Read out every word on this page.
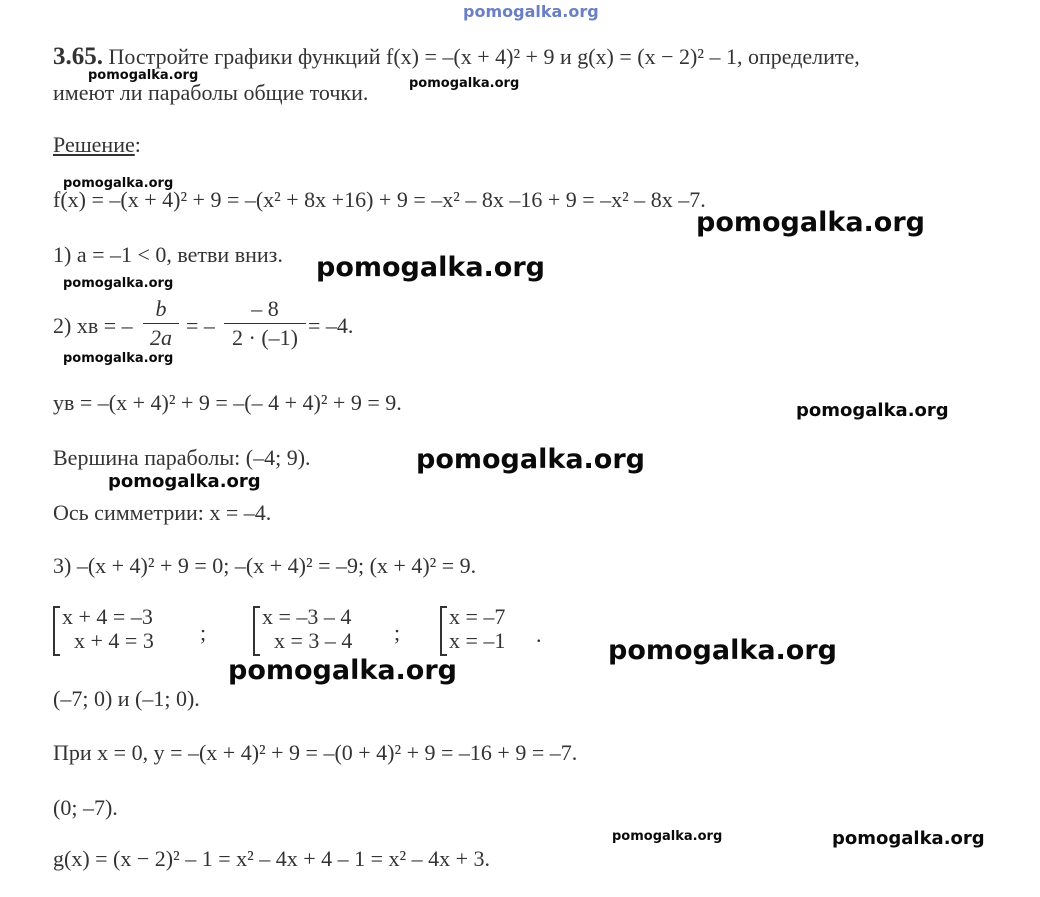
pomogalka.org
3.65. Постройте графики функций f(x) = –(x + 4)² + 9 и g(x) = (x − 2)² – 1, определите,
имеют ли параболы общие точки.
pomogalka.org
pomogalka.org
Решение:
pomogalka.org
f(x) = –(x + 4)² + 9 = –(x² + 8x +16) + 9 = –x² – 8x –16 + 9 = –x² – 8x –7.
pomogalka.org
1) a = –1 < 0, ветви вниз. pomogalka.org
pomogalka.org
2) xв = –
b
2a = –
– 8
2 · (–1) = –4.
pomogalka.org
yв = –(x + 4)² + 9 = –(– 4 + 4)² + 9 = 9.	pomogalka.org
Вершина параболы: (–4; 9).	pomogalka.org
pomogalka.org
Ось симметрии: x = –4.
3) –(x + 4)² + 9 = 0; –(x + 4)² = –9; (x + 4)² = 9.
x + 4 = –3
x + 4 = 3 ;
x = –3 – 4
x = 3 – 4 ;
x = –7
x = –1 .
pomogalka.org
pomogalka.org
(–7; 0) и (–1; 0).
При x = 0, y = –(x + 4)² + 9 = –(0 + 4)² + 9 = –16 + 9 = –7.
(0; –7).
pomogalka.org	pomogalka.org
g(x) = (x − 2)² – 1 = x² – 4x + 4 – 1 = x² – 4x + 3.
